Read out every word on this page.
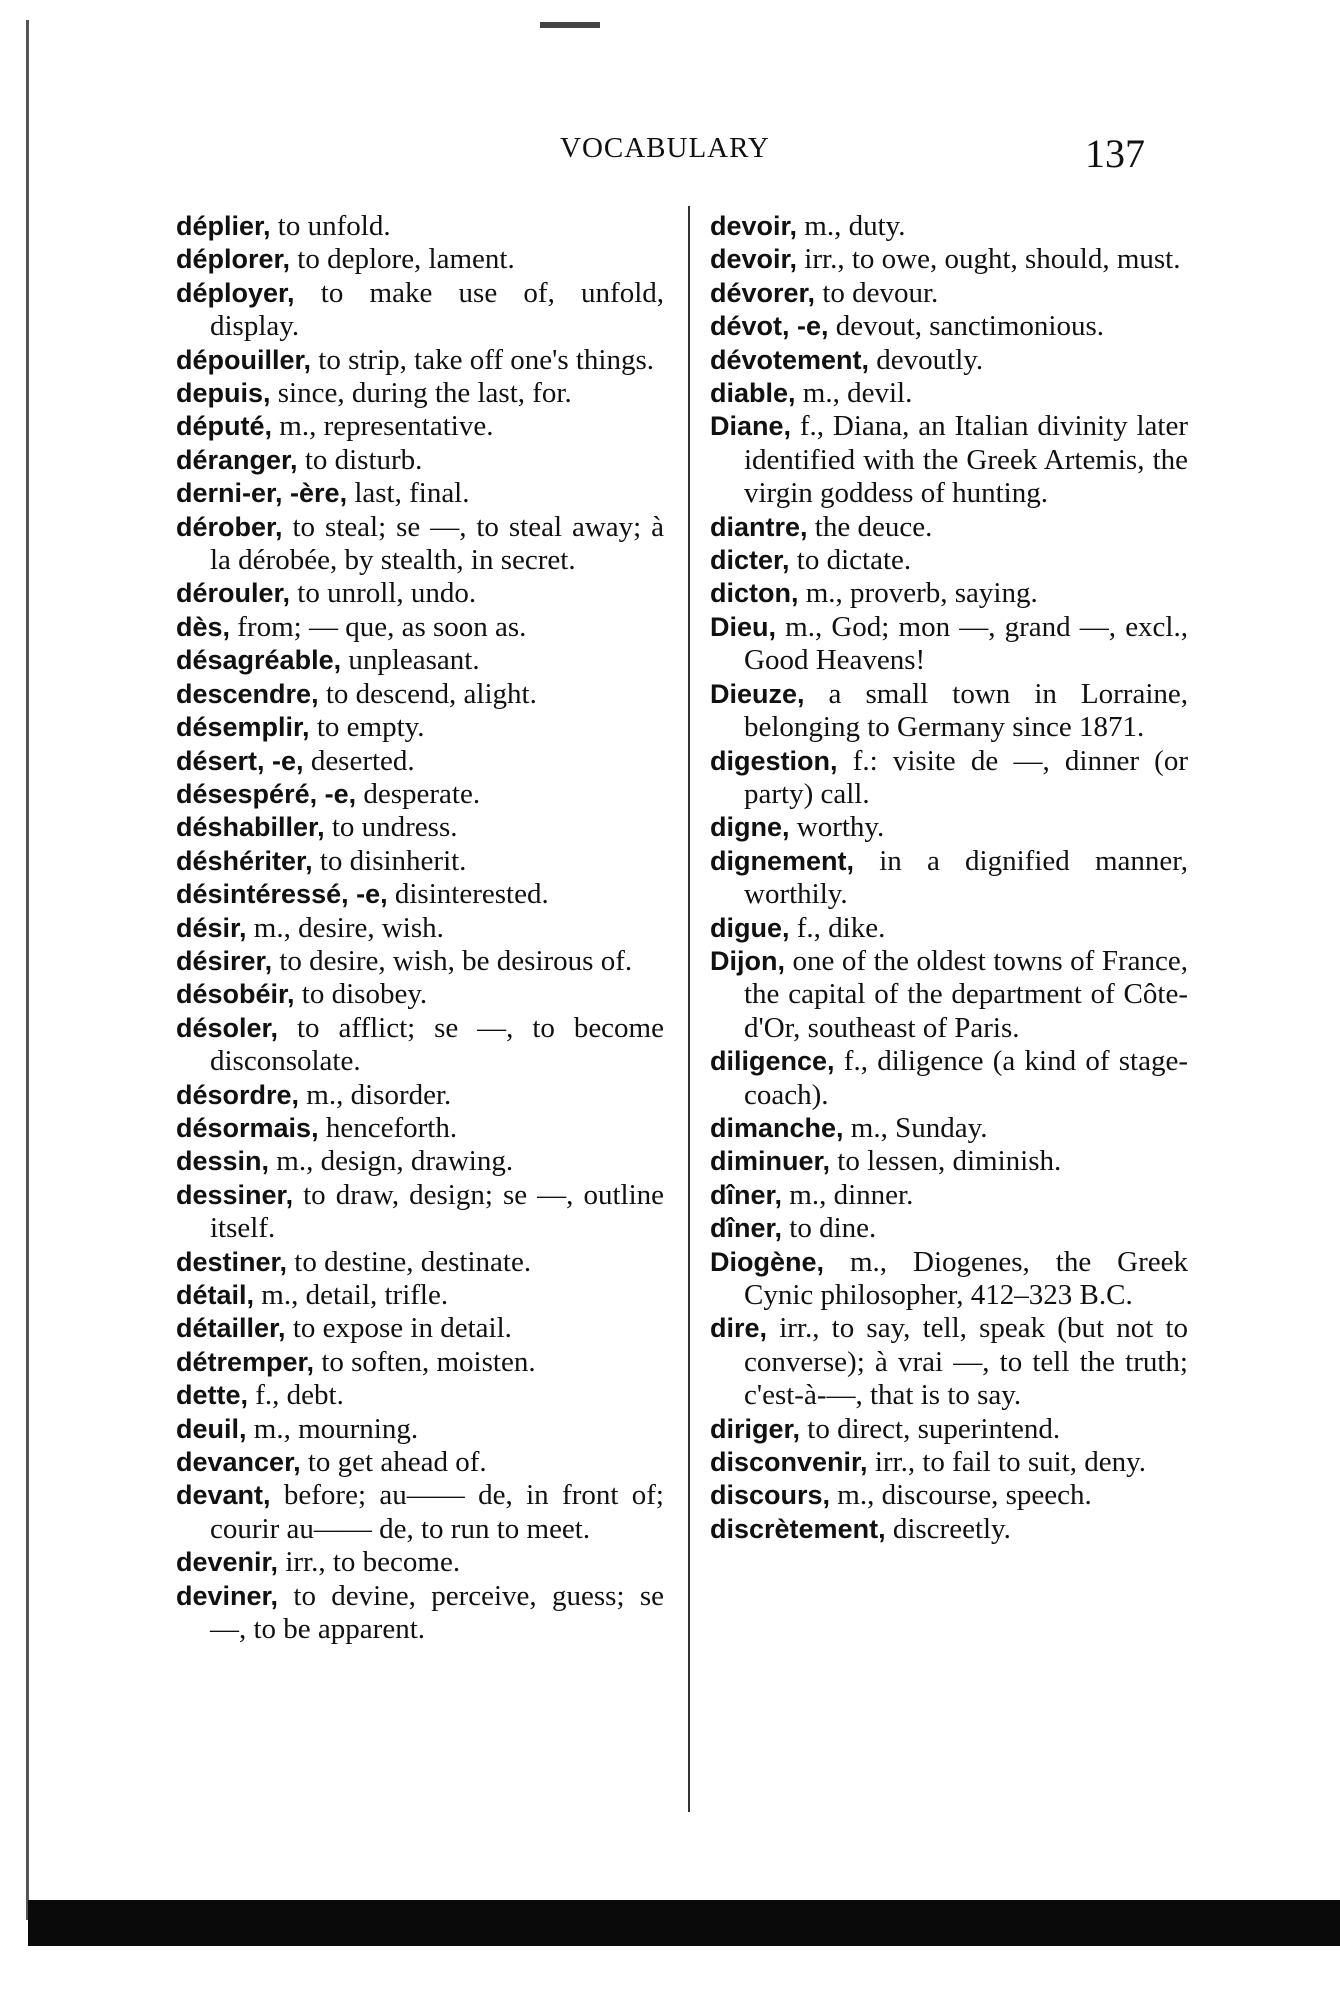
VOCABULARY	137
déplier, to unfold.
déplorer, to deplore, lament.
déployer, to make use of, unfold, display.
dépouiller, to strip, take off one's things.
depuis, since, during the last, for.
député, m., representative.
déranger, to disturb.
derni-er, -ère, last, final.
dérober, to steal; se —, to steal away; à la dérobée, by stealth, in secret.
dérouler, to unroll, undo.
dès, from; — que, as soon as.
désagréable, unpleasant.
descendre, to descend, alight.
désemplir, to empty.
désert, -e, deserted.
désespéré, -e, desperate.
déshabiller, to undress.
déshériter, to disinherit.
désintéressé, -e, disinterested.
désir, m., desire, wish.
désirer, to desire, wish, be desirous of.
désobéir, to disobey.
désoler, to afflict; se —, to become disconsolate.
désordre, m., disorder.
désormais, henceforth.
dessin, m., design, drawing.
dessiner, to draw, design; se —, outline itself.
destiner, to destine, destinate.
détail, m., detail, trifle.
détailler, to expose in detail.
détremper, to soften, moisten.
dette, f., debt.
deuil, m., mourning.
devancer, to get ahead of.
devant, before; au—— de, in front of; courir au—— de, to run to meet.
devenir, irr., to become.
deviner, to devine, perceive, guess; se —, to be apparent.
devoir, m., duty.
devoir, irr., to owe, ought, should, must.
dévorer, to devour.
dévot, -e, devout, sanctimonious.
dévotement, devoutly.
diable, m., devil.
Diane, f., Diana, an Italian divinity later identified with the Greek Artemis, the virgin goddess of hunting.
diantre, the deuce.
dicter, to dictate.
dicton, m., proverb, saying.
Dieu, m., God; mon —, grand —, excl., Good Heavens!
Dieuze, a small town in Lorraine, belonging to Germany since 1871.
digestion, f.: visite de —, dinner (or party) call.
digne, worthy.
dignement, in a dignified manner, worthily.
digue, f., dike.
Dijon, one of the oldest towns of France, the capital of the department of Côte-d'Or, southeast of Paris.
diligence, f., diligence (a kind of stage-coach).
dimanche, m., Sunday.
diminuer, to lessen, diminish.
dîner, m., dinner.
dîner, to dine.
Diogène, m., Diogenes, the Greek Cynic philosopher, 412–323 B.C.
dire, irr., to say, tell, speak (but not to converse); à vrai —, to tell the truth; c'est-à-—, that is to say.
diriger, to direct, superintend.
disconvenir, irr., to fail to suit, deny.
discours, m., discourse, speech.
discrètement, discreetly.
